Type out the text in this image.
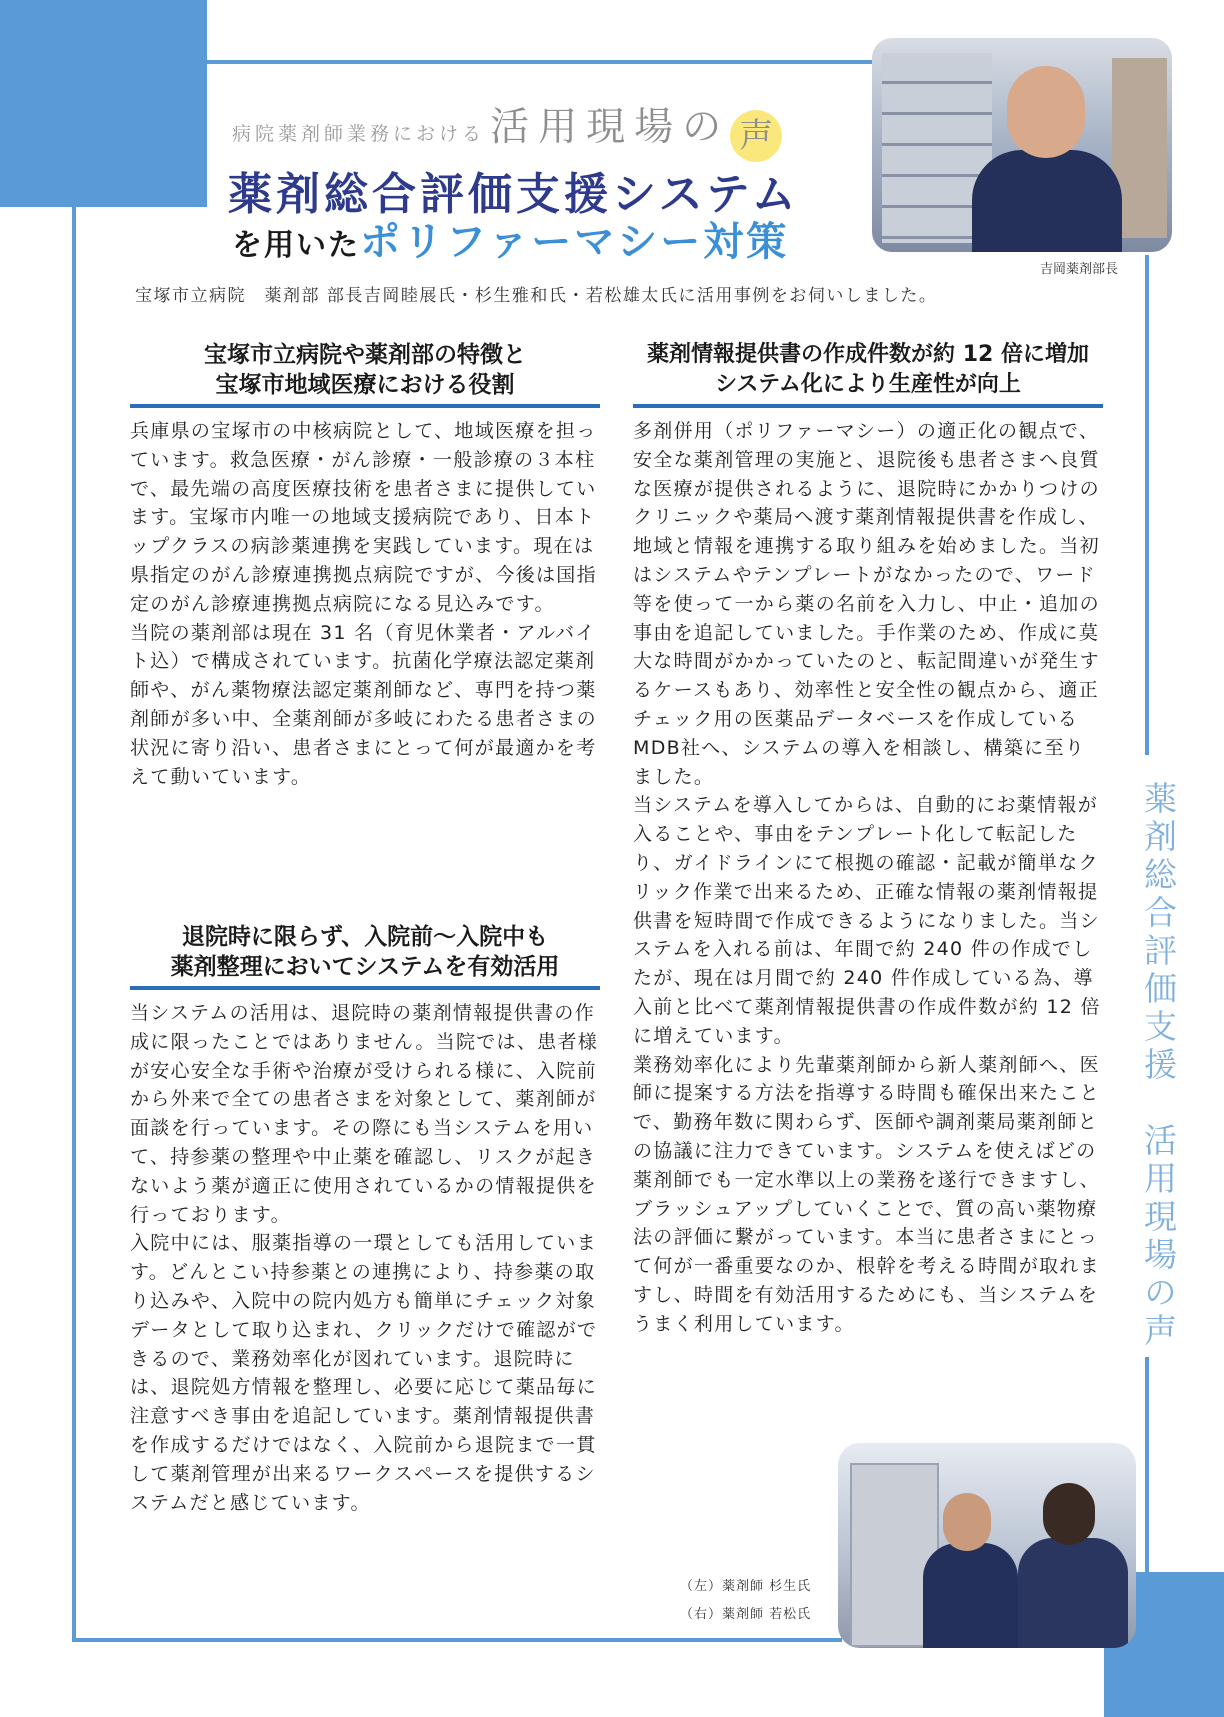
病院薬剤師業務における 活用現場の 声
薬剤総合評価支援システム
を用いたポリファーマシー対策
吉岡薬剤部長
宝塚市立病院　薬剤部 部長吉岡睦展氏・杉生雅和氏・若松雄太氏に活用事例をお伺いしました。
宝塚市立病院や薬剤部の特徴と
宝塚市地域医療における役割

兵庫県の宝塚市の中核病院として、地域医療を担っています。救急医療・がん診療・一般診療の３本柱で、最先端の高度医療技術を患者さまに提供しています。宝塚市内唯一の地域支援病院であり、日本トップクラスの病診薬連携を実践しています。現在は県指定のがん診療連携拠点病院ですが、今後は国指定のがん診療連携拠点病院になる見込みです。

当院の薬剤部は現在 31 名（育児休業者・アルバイト込）で構成されています。抗菌化学療法認定薬剤師や、がん薬物療法認定薬剤師など、専門を持つ薬剤師が多い中、全薬剤師が多岐にわたる患者さまの状況に寄り沿い、患者さまにとって何が最適かを考えて動いています。

退院時に限らず、入院前～入院中も
薬剤整理においてシステムを有効活用

当システムの活用は、退院時の薬剤情報提供書の作成に限ったことではありません。当院では、患者様が安心安全な手術や治療が受けられる様に、入院前から外来で全ての患者さまを対象として、薬剤師が面談を行っています。その際にも当システムを用いて、持参薬の整理や中止薬を確認し、リスクが起きないよう薬が適正に使用されているかの情報提供を行っております。

入院中には、服薬指導の一環としても活用しています。どんとこい持参薬との連携により、持参薬の取り込みや、入院中の院内処方も簡単にチェック対象データとして取り込まれ、クリックだけで確認ができるので、業務効率化が図れています。退院時には、退院処方情報を整理し、必要に応じて薬品毎に注意すべき事由を追記しています。薬剤情報提供書を作成するだけではなく、入院前から退院まで一貫して薬剤管理が出来るワークスペースを提供するシステムだと感じています。

薬剤情報提供書の作成件数が約 12 倍に増加
システム化により生産性が向上

多剤併用（ポリファーマシー）の適正化の観点で、安全な薬剤管理の実施と、退院後も患者さまへ良質な医療が提供されるように、退院時にかかりつけのクリニックや薬局へ渡す薬剤情報提供書を作成し、地域と情報を連携する取り組みを始めました。当初はシステムやテンプレートがなかったので、ワード等を使って一から薬の名前を入力し、中止・追加の事由を追記していました。手作業のため、作成に莫大な時間がかかっていたのと、転記間違いが発生するケースもあり、効率性と安全性の観点から、適正チェック用の医薬品データベースを作成しているMDB社へ、システムの導入を相談し、構築に至りました。

当システムを導入してからは、自動的にお薬情報が入ることや、事由をテンプレート化して転記したり、ガイドラインにて根拠の確認・記載が簡単なクリック作業で出来るため、正確な情報の薬剤情報提供書を短時間で作成できるようになりました。当システムを入れる前は、年間で約 240 件の作成でしたが、現在は月間で約 240 件作成している為、導入前と比べて薬剤情報提供書の作成件数が約 12 倍に増えています。

業務効率化により先輩薬剤師から新人薬剤師へ、医師に提案する方法を指導する時間も確保出来たことで、勤務年数に関わらず、医師や調剤薬局薬剤師との協議に注力できています。システムを使えばどの薬剤師でも一定水準以上の業務を遂行できますし、ブラッシュアップしていくことで、質の高い薬物療法の評価に繋がっています。本当に患者さまにとって何が一番重要なのか、根幹を考える時間が取れますし、時間を有効活用するためにも、当システムをうまく利用しています。	薬剤総合評価支援　活用現場の声
（左）薬剤師 杉生氏
（右）薬剤師 若松氏
